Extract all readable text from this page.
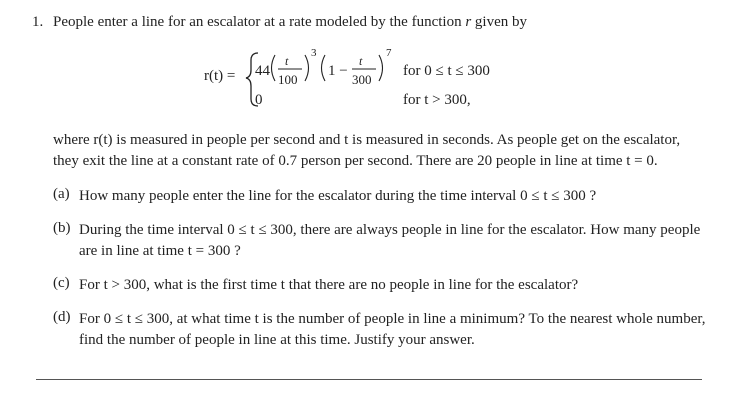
1. People enter a line for an escalator at a rate modeled by the function r given by
r(t) = 44
t
100
3
1 −
t
300
7
0
for 0 ≤ t ≤ 300
for t > 300,
where r(t) is measured in people per second and t is measured in seconds. As people get on the escalator,
they exit the line at a constant rate of 0.7 person per second. There are 20 people in line at time t = 0.
(a) How many people enter the line for the escalator during the time interval 0 ≤ t ≤ 300 ?
(b) During the time interval 0 ≤ t ≤ 300, there are always people in line for the escalator. How many people are in line at time t = 300 ?
(c) For t > 300, what is the first time t that there are no people in line for the escalator?
(d) For 0 ≤ t ≤ 300, at what time t is the number of people in line a minimum? To the nearest whole number, find the number of people in line at this time. Justify your answer.
